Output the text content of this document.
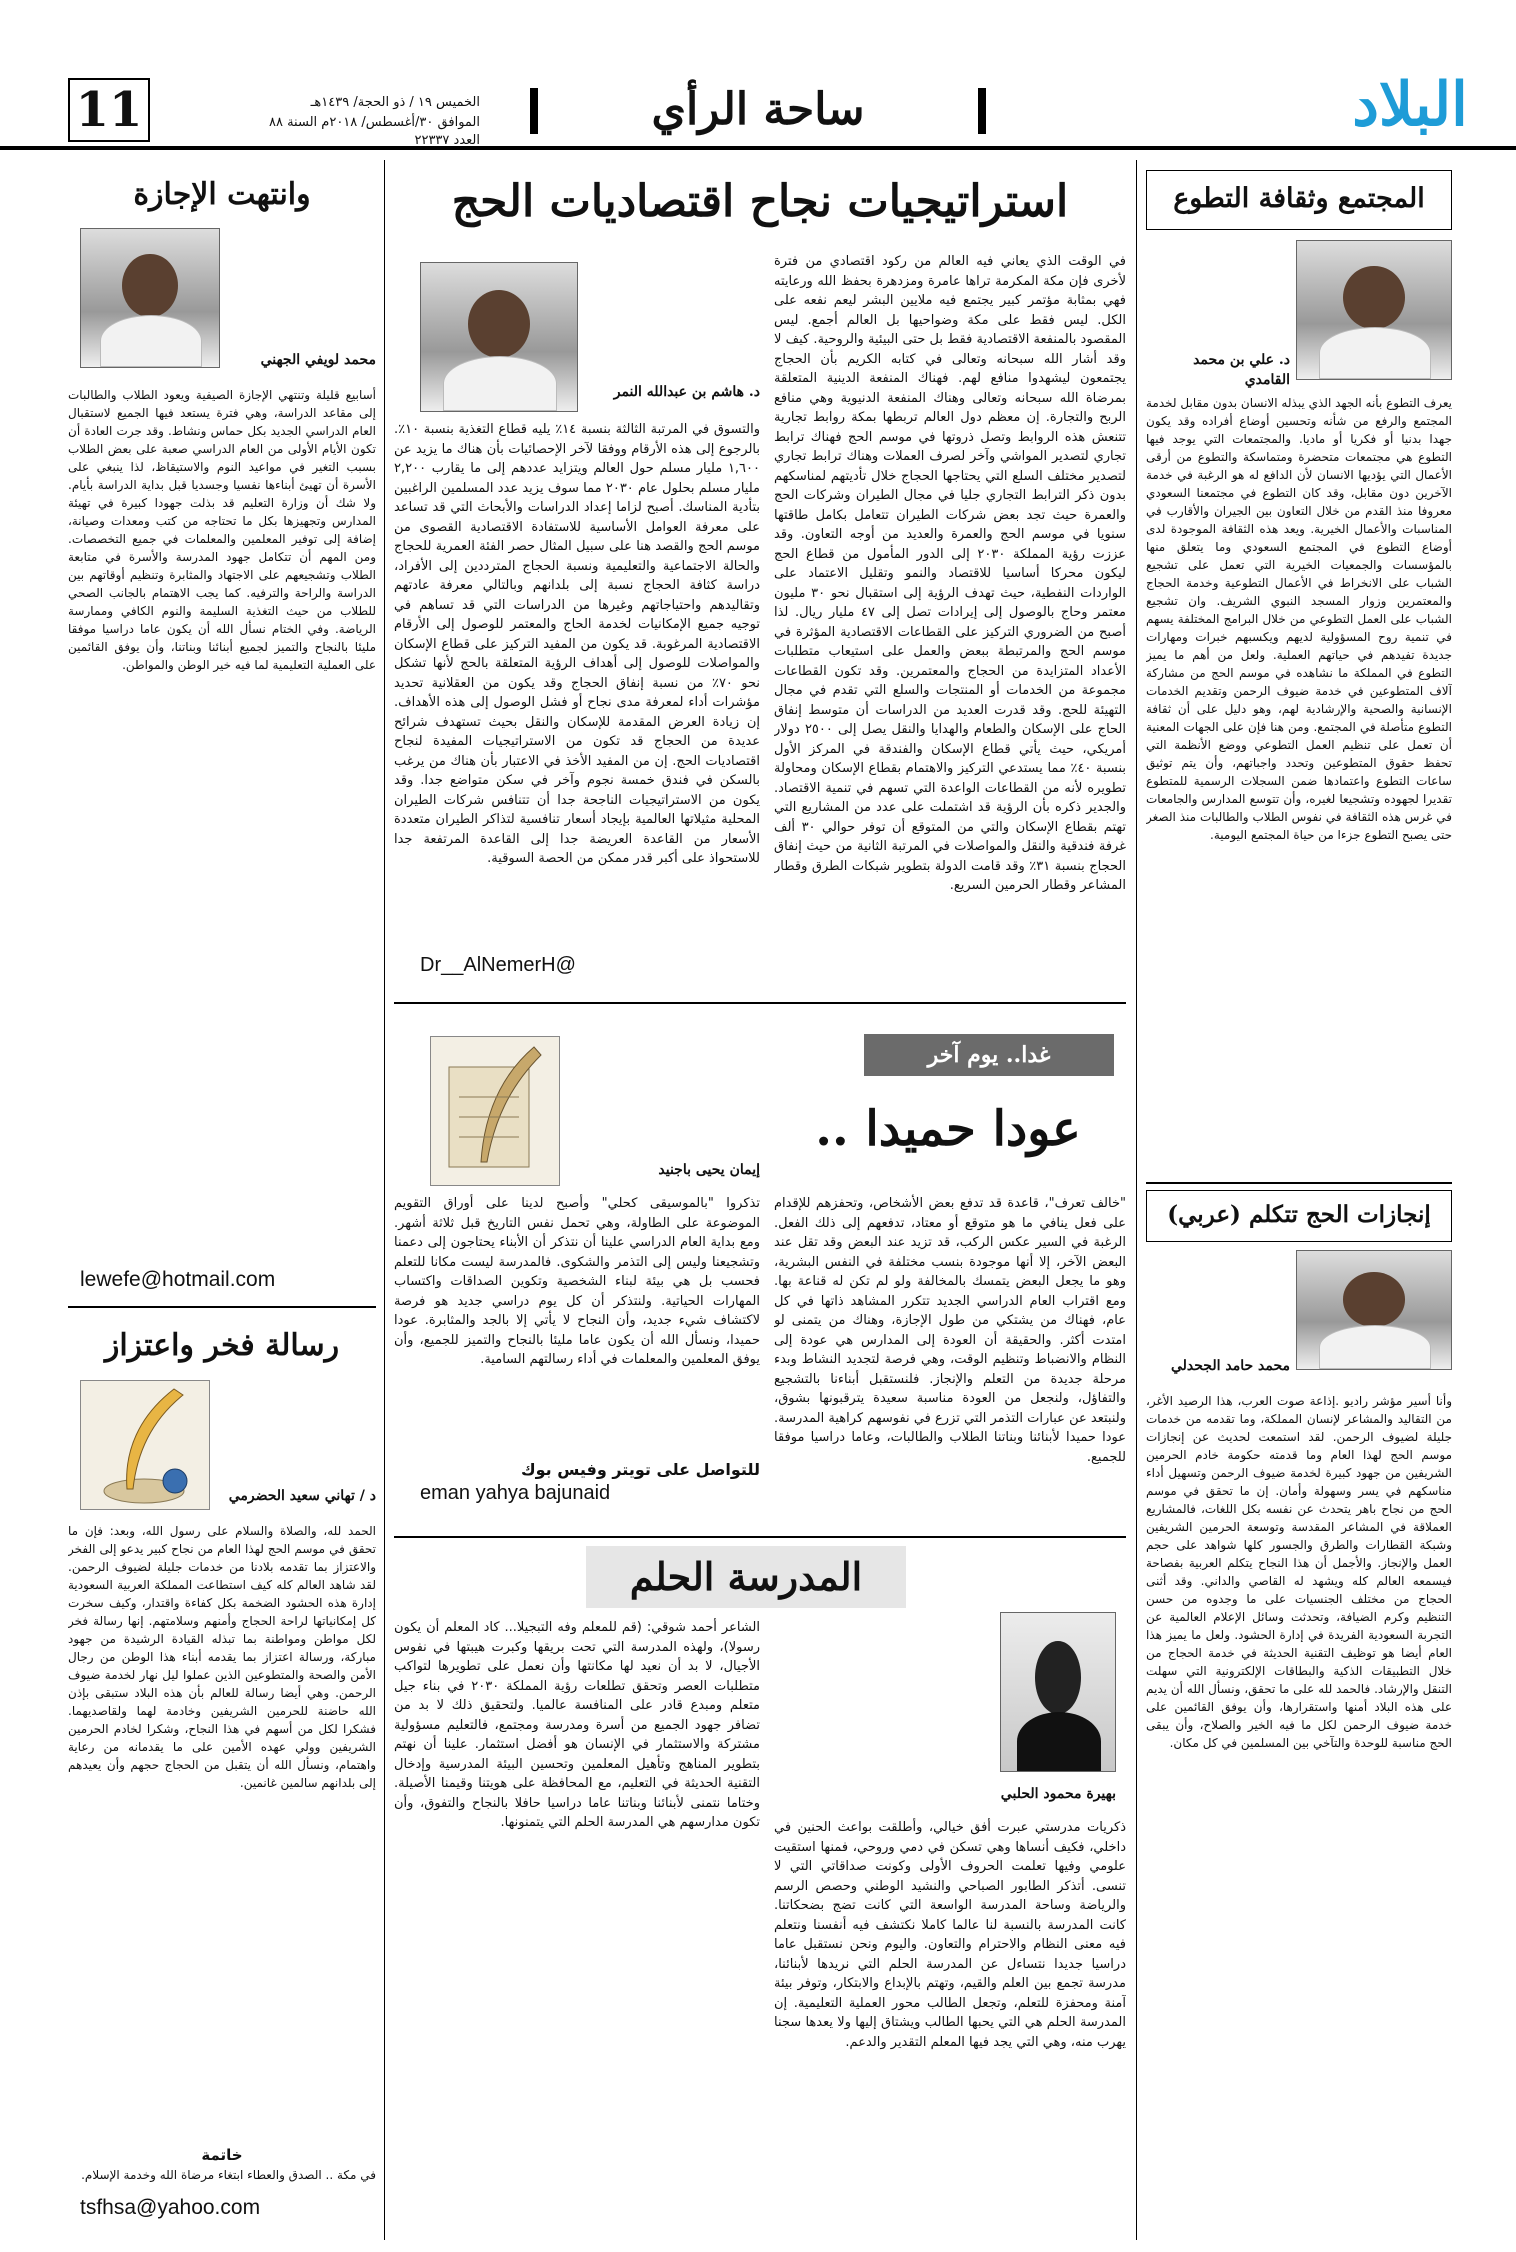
البلاد
ساحة الرأي
الخميس ١٩ / ذو الحجة/ ١٤٣٩هـ
الموافق ٣٠/أغسطس/ ٢٠١٨م السنة ٨٨ العدد ٢٢٣٣٧
11
المجتمع وثقافة التطوع
د. علي بن محمد القامدي
يعرف التطوع بأنه الجهد الذي يبذله الانسان بدون مقابل لخدمة المجتمع والرفع من شأنه وتحسين أوضاع أفراده وقد يكون جهدا بدنيا أو فكريا أو ماديا. والمجتمعات التي يوجد فيها التطوع هي مجتمعات متحضرة ومتماسكة والتطوع من أرقى الأعمال التي يؤديها الانسان لأن الدافع له هو الرغبة في خدمة الآخرين دون مقابل، وقد كان التطوع في مجتمعنا السعودي معروفا منذ القدم من خلال التعاون بين الجيران والأقارب في المناسبات والأعمال الخيرية. ويعد هذه الثقافة الموجودة لدى أوضاع التطوع في المجتمع السعودي وما يتعلق منها بالمؤسسات والجمعيات الخيرية التي تعمل على تشجيع الشباب على الانخراط في الأعمال التطوعية وخدمة الحجاج والمعتمرين وزوار المسجد النبوي الشريف. وان تشجيع الشباب على العمل التطوعي من خلال البرامج المختلفة يسهم في تنمية روح المسؤولية لديهم ويكسبهم خبرات ومهارات جديدة تفيدهم في حياتهم العملية. ولعل من أهم ما يميز التطوع في المملكة ما نشاهده في موسم الحج من مشاركة آلاف المتطوعين في خدمة ضيوف الرحمن وتقديم الخدمات الإنسانية والصحية والإرشادية لهم، وهو دليل على أن ثقافة التطوع متأصلة في المجتمع. ومن هنا فإن على الجهات المعنية أن تعمل على تنظيم العمل التطوعي ووضع الأنظمة التي تحفظ حقوق المتطوعين وتحدد واجباتهم، وأن يتم توثيق ساعات التطوع واعتمادها ضمن السجلات الرسمية للمتطوع تقديرا لجهوده وتشجيعا لغيره، وأن تتوسع المدارس والجامعات في غرس هذه الثقافة في نفوس الطلاب والطالبات منذ الصغر حتى يصبح التطوع جزءا من حياة المجتمع اليومية.
إنجازات الحج تتكلم (عربي)
محمد حامد الجحدلي
وأنا أسير مؤشر راديو .إذاعة صوت العرب، هذا الرصيد الأغر، من التقاليد والمشاعر لإنسان المملكة، وما تقدمه من خدمات جليلة لضيوف الرحمن. لقد استمعت لحديث عن إنجازات موسم الحج لهذا العام وما قدمته حكومة خادم الحرمين الشريفين من جهود كبيرة لخدمة ضيوف الرحمن وتسهيل أداء مناسكهم في يسر وسهولة وأمان. إن ما تحقق في موسم الحج من نجاح باهر يتحدث عن نفسه بكل اللغات، فالمشاريع العملاقة في المشاعر المقدسة وتوسعة الحرمين الشريفين وشبكة القطارات والطرق والجسور كلها شواهد على حجم العمل والإنجاز. والأجمل أن هذا النجاح يتكلم العربية بفصاحة فيسمعه العالم كله ويشهد له القاصي والداني. وقد أثنى الحجاج من مختلف الجنسيات على ما وجدوه من حسن التنظيم وكرم الضيافة، وتحدثت وسائل الإعلام العالمية عن التجربة السعودية الفريدة في إدارة الحشود. ولعل ما يميز هذا العام أيضا هو توظيف التقنية الحديثة في خدمة الحجاج من خلال التطبيقات الذكية والبطاقات الإلكترونية التي سهلت التنقل والإرشاد. فالحمد لله على ما تحقق، ونسأل الله أن يديم على هذه البلاد أمنها واستقرارها، وأن يوفق القائمين على خدمة ضيوف الرحمن لكل ما فيه الخير والصلاح، وأن يبقى الحج مناسبة للوحدة والتآخي بين المسلمين في كل مكان.
استراتيجيات نجاح اقتصاديات الحج
د. هاشم بن عبدالله النمر
في الوقت الذي يعاني فيه العالم من ركود اقتصادي من فترة لأخرى فإن مكة المكرمة تراها عامرة ومزدهرة بحفظ الله ورعايته فهي بمثابة مؤتمر كبير يجتمع فيه ملايين البشر ليعم نفعه على الكل. ليس فقط على مكة وضواحيها بل العالم أجمع. ليس المقصود بالمنفعة الاقتصادية فقط بل حتى البيئية والروحية. كيف لا وقد أشار الله سبحانه وتعالى في كتابه الكريم بأن الحجاج يجتمعون ليشهدوا منافع لهم. فهناك المنفعة الدينية المتعلقة بمرضاة الله سبحانه وتعالى وهناك المنفعة الدنيوية وهي منافع الربح والتجارة. إن معظم دول العالم تربطها بمكة روابط تجارية تتنعش هذه الروابط وتصل ذروتها في موسم الحج فهناك ترابط تجاري لتصدير المواشي وآخر لصرف العملات وهناك ترابط تجاري لتصدير مختلف السلع التي يحتاجها الحجاج خلال تأديتهم لمناسكهم بدون ذكر الترابط التجاري جليا في مجال الطيران وشركات الحج والعمرة حيث تجد بعض شركات الطيران تتعامل بكامل طاقتها سنويا في موسم الحج والعمرة والعديد من أوجه التعاون. وقد عززت رؤية المملكة ٢٠٣٠ إلى الدور المأمول من قطاع الحج ليكون محركا أساسيا للاقتصاد والنمو وتقليل الاعتماد على الواردات النفطية، حيث تهدف الرؤية إلى استقبال نحو ٣٠ مليون معتمر وحاج بالوصول إلى إيرادات تصل إلى ٤٧ مليار ريال. لذا أصبح من الضروري التركيز على القطاعات الاقتصادية المؤثرة في موسم الحج والمرتبطة ببعض والعمل على استيعاب متطلبات الأعداد المتزايدة من الحجاج والمعتمرين. وقد تكون القطاعات مجموعة من الخدمات أو المنتجات والسلع التي تقدم في مجال التهيئة للحج. وقد قدرت العديد من الدراسات أن متوسط إنفاق الحاج على الإسكان والطعام والهدايا والنقل يصل إلى ٢٥٠٠ دولار أمريكي، حيث يأتي قطاع الإسكان والفندقة في المركز الأول بنسبة ٤٠٪ مما يستدعي التركيز والاهتمام بقطاع الإسكان ومحاولة تطويره لأنه من القطاعات الواعدة التي تسهم في تنمية الاقتصاد. والجدير ذكره بأن الرؤية قد اشتملت على عدد من المشاريع التي تهتم بقطاع الإسكان والتي من المتوقع أن توفر حوالي ٣٠ ألف غرفة فندقية والنقل والمواصلات في المرتبة الثانية من حيث إنفاق الحجاج بنسبة ٣١٪ وقد قامت الدولة بتطوير شبكات الطرق وقطار المشاعر وقطار الحرمين السريع.
والتسوق في المرتبة الثالثة بنسبة ١٤٪ يليه قطاع التغذية بنسبة ١٠٪. بالرجوع إلى هذه الأرقام ووفقا لآخر الإحصائيات بأن هناك ما يزيد عن ١,٦٠٠ مليار مسلم حول العالم ويتزايد عددهم إلى ما يقارب ٢,٢٠٠ مليار مسلم بحلول عام ٢٠٣٠ مما سوف يزيد عدد المسلمين الراغبين بتأدية المناسك. أصبح لزاما إعداد الدراسات والأبحاث التي قد تساعد على معرفة العوامل الأساسية للاستفادة الاقتصادية القصوى من موسم الحج والقصد هنا على سبيل المثال حصر الفئة العمرية للحجاج والحالة الاجتماعية والتعليمية ونسبة الحجاج المترددين إلى الأفراد، دراسة كثافة الحجاج نسبة إلى بلدانهم وبالتالي معرفة عادتهم وتقاليدهم واحتياجاتهم وغيرها من الدراسات التي قد تساهم في توجيه جميع الإمكانيات لخدمة الحاج والمعتمر للوصول إلى الأرقام الاقتصادية المرغوبة. قد يكون من المفيد التركيز على قطاع الإسكان والمواصلات للوصول إلى أهداف الرؤية المتعلقة بالحج لأنها تشكل نحو ٧٠٪ من نسبة إنفاق الحجاج وقد يكون من العقلانية تحديد مؤشرات أداء لمعرفة مدى نجاح أو فشل الوصول إلى هذه الأهداف. إن زيادة العرض المقدمة للإسكان والنقل بحيث تستهدف شرائح عديدة من الحجاج قد تكون من الاستراتيجيات المفيدة لنجاح اقتصاديات الحج. إن من المفيد الأخذ في الاعتبار بأن هناك من يرغب بالسكن في فندق خمسة نجوم وآخر في سكن متواضع جدا. وقد يكون من الاستراتيجيات الناجحة جدا أن تتنافس شركات الطيران المحلية مثيلاتها العالمية بإيجاد أسعار تنافسية لتذاكر الطيران متعددة الأسعار من القاعدة العريضة جدا إلى القاعدة المرتفعة جدا للاستحواذ على أكبر قدر ممكن من الحصة السوقية.
Dr__AlNemerH@
غدا.. يوم آخر
عودا حميدا ..
إيمان يحيى باجنيد
"خالف تعرف"، قاعدة قد تدفع بعض الأشخاص، وتحفزهم للإقدام على فعل ينافي ما هو متوقع أو معتاد، تدفعهم إلى ذلك الفعل. الرغبة في السير عكس الركب، قد تزيد عند البعض وقد تقل عند البعض الآخر، إلا أنها موجودة بنسب مختلفة في النفس البشرية، وهو ما يجعل البعض يتمسك بالمخالفة ولو لم تكن له قناعة بها. ومع اقتراب العام الدراسي الجديد تتكرر المشاهد ذاتها في كل عام، فهناك من يشتكي من طول الإجازة، وهناك من يتمنى لو امتدت أكثر. والحقيقة أن العودة إلى المدارس هي عودة إلى النظام والانضباط وتنظيم الوقت، وهي فرصة لتجديد النشاط وبدء مرحلة جديدة من التعلم والإنجاز. فلنستقبل أبناءنا بالتشجيع والتفاؤل، ولنجعل من العودة مناسبة سعيدة يترقبونها بشوق، ولنبتعد عن عبارات التذمر التي تزرع في نفوسهم كراهية المدرسة. عودا حميدا لأبنائنا وبناتنا الطلاب والطالبات، وعاما دراسيا موفقا للجميع.
تذكروا "بالموسيقى كحلي" وأصبح لدينا على أوراق التقويم الموضوعة على الطاولة، وهي تحمل نفس التاريخ قبل ثلاثة أشهر. ومع بداية العام الدراسي علينا أن نتذكر أن الأبناء يحتاجون إلى دعمنا وتشجيعنا وليس إلى التذمر والشكوى. فالمدرسة ليست مكانا للتعلم فحسب بل هي بيئة لبناء الشخصية وتكوين الصداقات واكتساب المهارات الحياتية. ولنتذكر أن كل يوم دراسي جديد هو فرصة لاكتشاف شيء جديد، وأن النجاح لا يأتي إلا بالجد والمثابرة. عودا حميدا، ونسأل الله أن يكون عاما مليئا بالنجاح والتميز للجميع، وأن يوفق المعلمين والمعلمات في أداء رسالتهم السامية.
للتواصل على تويتر وفيس بوك
eman yahya bajunaid
المدرسة الحلم
بهيرة محمود الحلبي
ذكريات مدرستي عبرت أفق خيالي، وأطلقت بواعث الحنين في داخلي، فكيف أنساها وهي تسكن في دمي وروحي، فمنها استقيت علومي وفيها تعلمت الحروف الأولى وكونت صداقاتي التي لا تنسى. أتذكر الطابور الصباحي والنشيد الوطني وحصص الرسم والرياضة وساحة المدرسة الواسعة التي كانت تضج بضحكاتنا. كانت المدرسة بالنسبة لنا عالما كاملا نكتشف فيه أنفسنا ونتعلم فيه معنى النظام والاحترام والتعاون. واليوم ونحن نستقبل عاما دراسيا جديدا نتساءل عن المدرسة الحلم التي نريدها لأبنائنا، مدرسة تجمع بين العلم والقيم، وتهتم بالإبداع والابتكار، وتوفر بيئة آمنة ومحفزة للتعلم، وتجعل الطالب محور العملية التعليمية. إن المدرسة الحلم هي التي يحبها الطالب ويشتاق إليها ولا يعدها سجنا يهرب منه، وهي التي يجد فيها المعلم التقدير والدعم.
الشاعر أحمد شوقي: (قم للمعلم وفه التبجيلا... كاد المعلم أن يكون رسولا)، ولهذه المدرسة التي تحت بريقها وكبرت هيبتها في نفوس الأجيال، لا بد أن نعيد لها مكانتها وأن نعمل على تطويرها لتواكب متطلبات العصر وتحقق تطلعات رؤية المملكة ٢٠٣٠ في بناء جيل متعلم ومبدع قادر على المنافسة عالميا. ولتحقيق ذلك لا بد من تضافر جهود الجميع من أسرة ومدرسة ومجتمع، فالتعليم مسؤولية مشتركة والاستثمار في الإنسان هو أفضل استثمار. علينا أن نهتم بتطوير المناهج وتأهيل المعلمين وتحسين البيئة المدرسية وإدخال التقنية الحديثة في التعليم، مع المحافظة على هويتنا وقيمنا الأصيلة. وختاما نتمنى لأبنائنا وبناتنا عاما دراسيا حافلا بالنجاح والتفوق، وأن تكون مدارسهم هي المدرسة الحلم التي يتمنونها.
وانتهت الإجازة
محمد لويفي الجهني
أسابيع قليلة وتنتهي الإجازة الصيفية ويعود الطلاب والطالبات إلى مقاعد الدراسة، وهي فترة يستعد فيها الجميع لاستقبال العام الدراسي الجديد بكل حماس ونشاط. وقد جرت العادة أن تكون الأيام الأولى من العام الدراسي صعبة على بعض الطلاب بسبب التغير في مواعيد النوم والاستيقاظ، لذا ينبغي على الأسرة أن تهيئ أبناءها نفسيا وجسديا قبل بداية الدراسة بأيام. ولا شك أن وزارة التعليم قد بذلت جهودا كبيرة في تهيئة المدارس وتجهيزها بكل ما تحتاجه من كتب ومعدات وصيانة، إضافة إلى توفير المعلمين والمعلمات في جميع التخصصات. ومن المهم أن تتكامل جهود المدرسة والأسرة في متابعة الطلاب وتشجيعهم على الاجتهاد والمثابرة وتنظيم أوقاتهم بين الدراسة والراحة والترفيه. كما يجب الاهتمام بالجانب الصحي للطلاب من حيث التغذية السليمة والنوم الكافي وممارسة الرياضة. وفي الختام نسأل الله أن يكون عاما دراسيا موفقا مليئا بالنجاح والتميز لجميع أبنائنا وبناتنا، وأن يوفق القائمين على العملية التعليمية لما فيه خير الوطن والمواطن.
lewefe@hotmail.com
رسالة فخر واعتزاز
د / تهاني سعيد الحضرمي
الحمد لله، والصلاة والسلام على رسول الله، وبعد: فإن ما تحقق في موسم الحج لهذا العام من نجاح كبير يدعو إلى الفخر والاعتزاز بما تقدمه بلادنا من خدمات جليلة لضيوف الرحمن. لقد شاهد العالم كله كيف استطاعت المملكة العربية السعودية إدارة هذه الحشود الضخمة بكل كفاءة واقتدار، وكيف سخرت كل إمكانياتها لراحة الحجاج وأمنهم وسلامتهم. إنها رسالة فخر لكل مواطن ومواطنة بما تبذله القيادة الرشيدة من جهود مباركة، ورسالة اعتزاز بما يقدمه أبناء هذا الوطن من رجال الأمن والصحة والمتطوعين الذين عملوا ليل نهار لخدمة ضيوف الرحمن. وهي أيضا رسالة للعالم بأن هذه البلاد ستبقى بإذن الله حاضنة للحرمين الشريفين وخادمة لهما ولقاصديهما. فشكرا لكل من أسهم في هذا النجاح، وشكرا لخادم الحرمين الشريفين وولي عهده الأمين على ما يقدمانه من رعاية واهتمام، ونسأل الله أن يتقبل من الحجاج حجهم وأن يعيدهم إلى بلدانهم سالمين غانمين.
خاتمة
في مكة .. الصدق والعطاء ابتغاء مرضاة الله وخدمة الإسلام.
tsfhsa@yahoo.com
